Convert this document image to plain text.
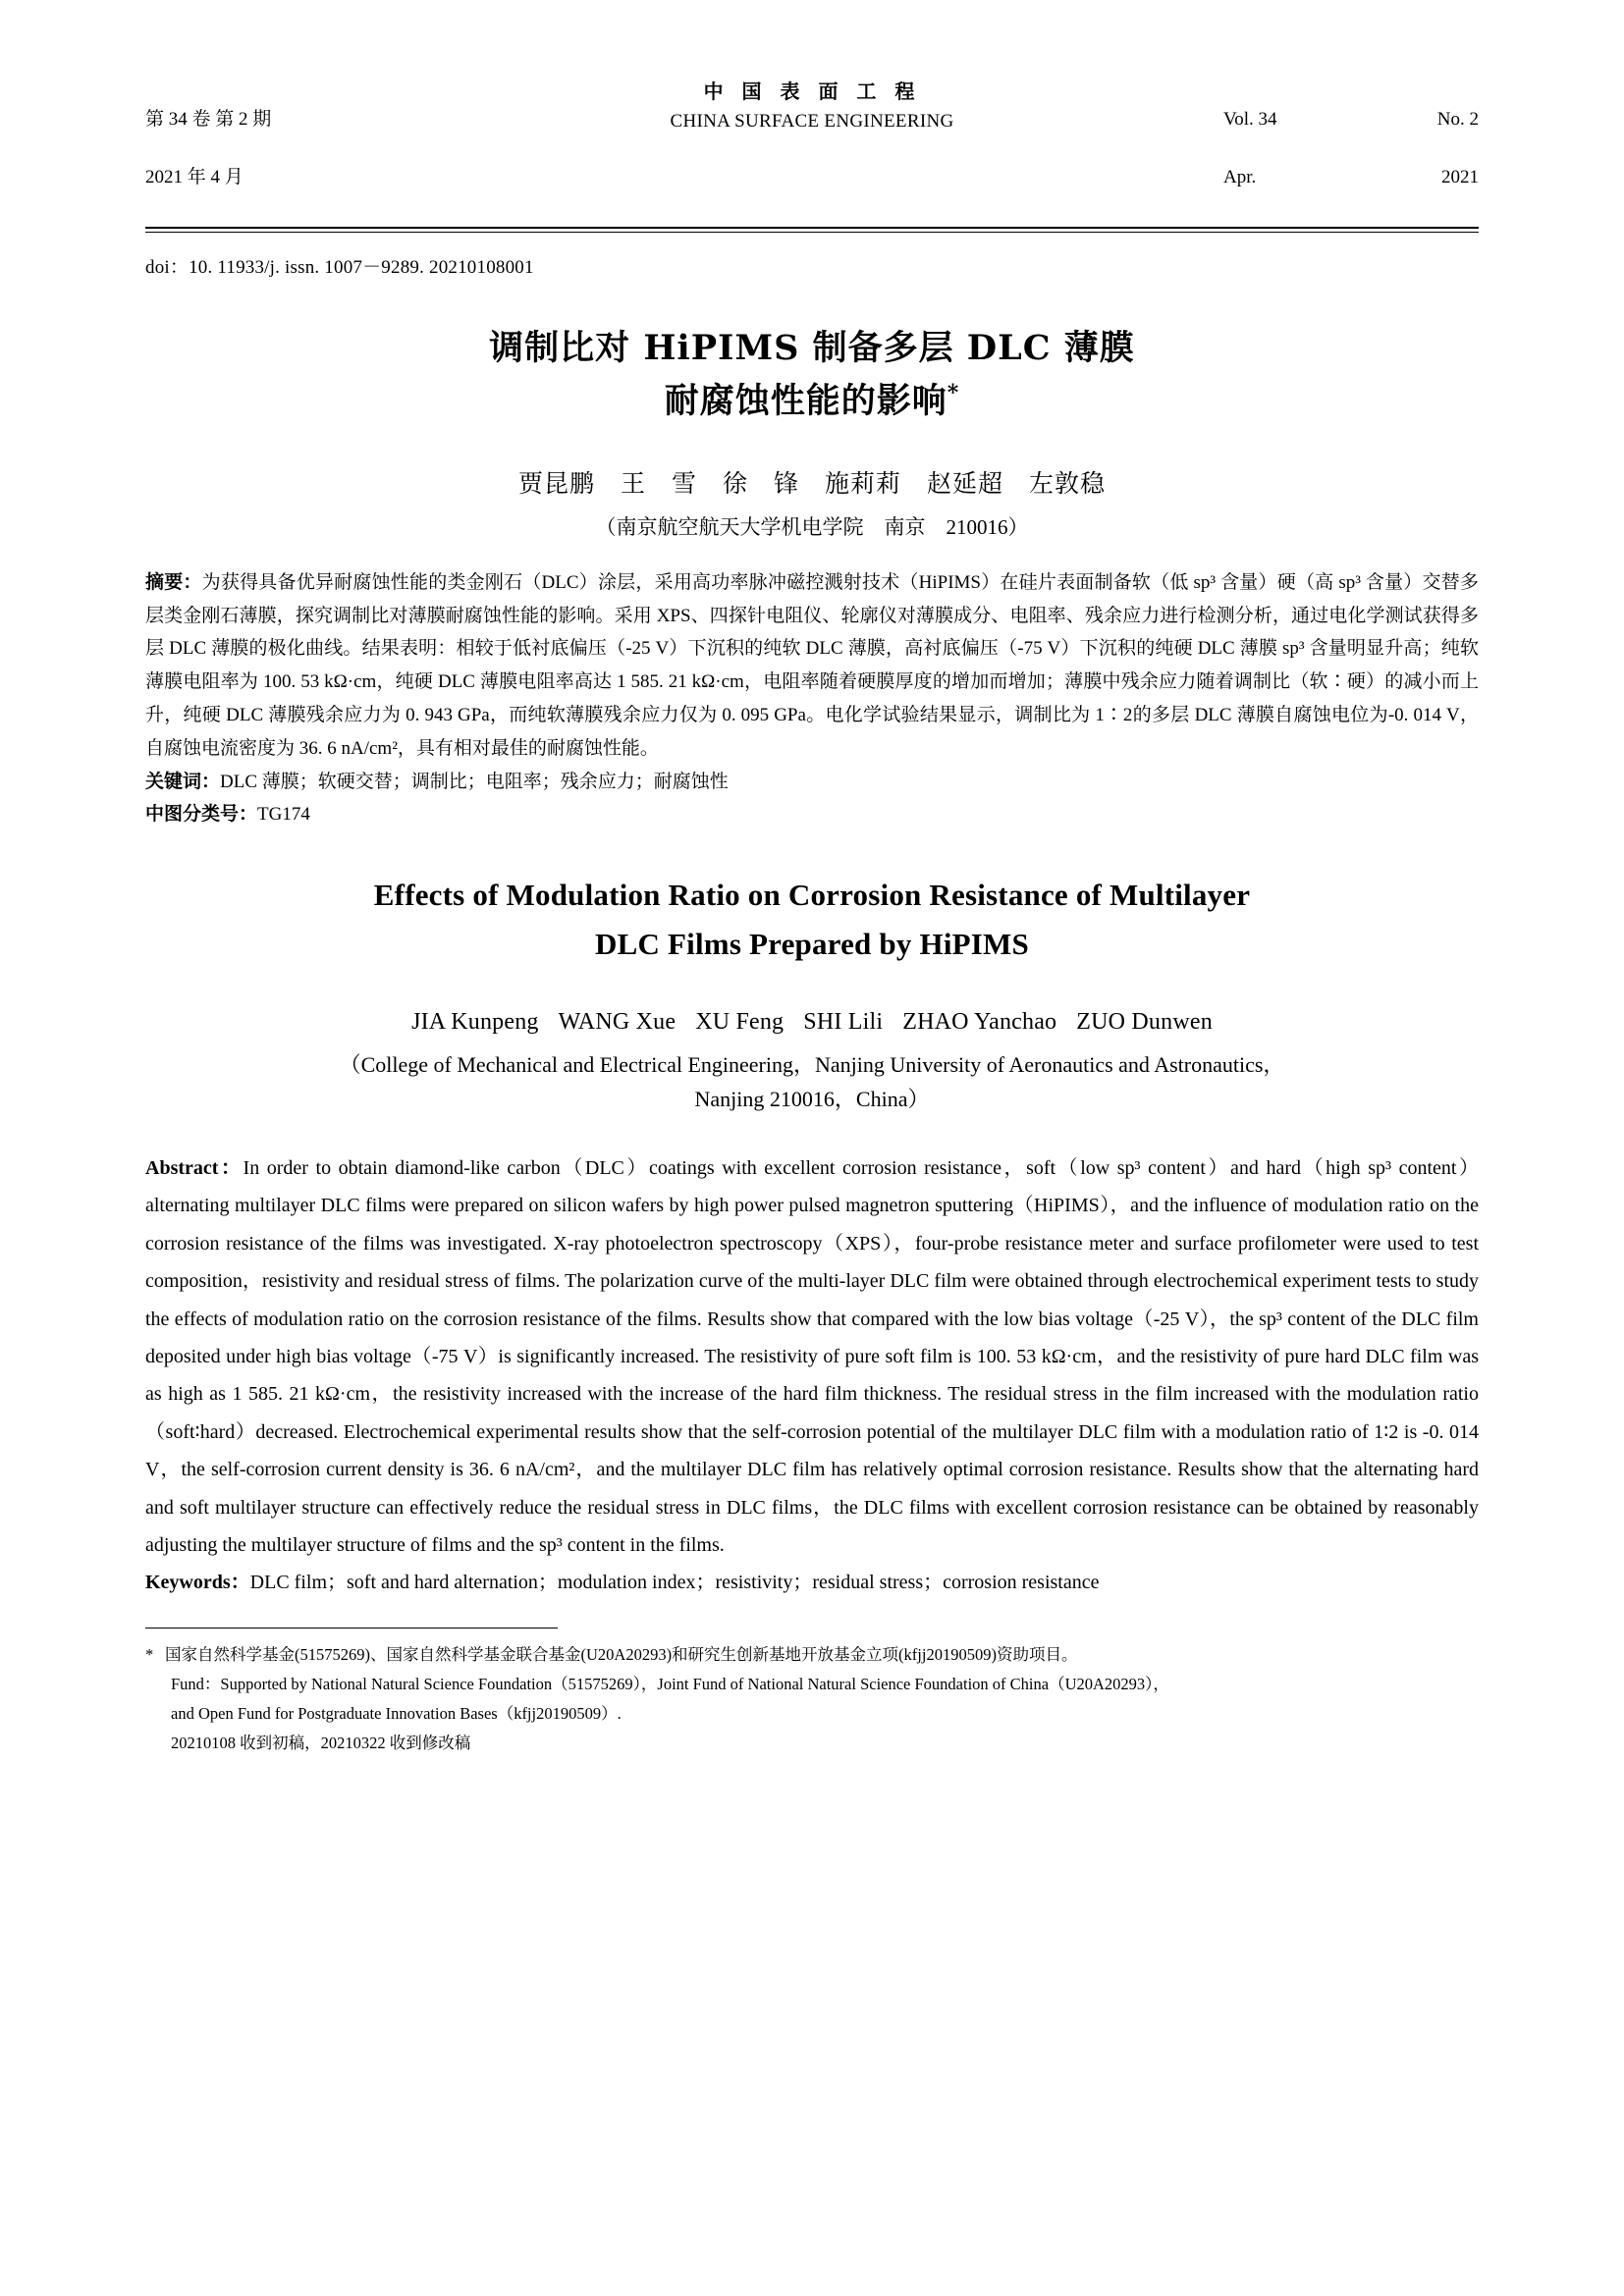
第 34 卷 第 2 期

2021 年 4 月

中 国 表 面 工 程
CHINA SURFACE ENGINEERING	Vol. 34	No. 2

Apr.	2021

doi：10. 11933/j. issn. 1007－9289. 20210108001
调制比对 HiPIMS 制备多层 DLC 薄膜
耐腐蚀性能的影响*
贾昆鹏 王　雪 徐　锋 施莉莉 赵延超 左敦稳
（南京航空航天大学机电学院　南京　210016）
摘要：为获得具备优异耐腐蚀性能的类金刚石（DLC）涂层，采用高功率脉冲磁控溅射技术（HiPIMS）在硅片表面制备软（低 sp³ 含量）硬（高 sp³ 含量）交替多层类金刚石薄膜，探究调制比对薄膜耐腐蚀性能的影响。采用 XPS、四探针电阻仪、轮廓仪对薄膜成分、电阻率、残余应力进行检测分析，通过电化学测试获得多层 DLC 薄膜的极化曲线。结果表明：相较于低衬底偏压（-25 V）下沉积的纯软 DLC 薄膜，高衬底偏压（-75 V）下沉积的纯硬 DLC 薄膜 sp³ 含量明显升高；纯软薄膜电阻率为 100. 53 kΩ·cm，纯硬 DLC 薄膜电阻率高达 1 585. 21 kΩ·cm，电阻率随着硬膜厚度的增加而增加；薄膜中残余应力随着调制比（软∶硬）的减小而上升，纯硬 DLC 薄膜残余应力为 0. 943 GPa，而纯软薄膜残余应力仅为 0. 095 GPa。电化学试验结果显示，调制比为 1∶2的多层 DLC 薄膜自腐蚀电位为-0. 014 V，自腐蚀电流密度为 36. 6 nA/cm²，具有相对最佳的耐腐蚀性能。
关键词：DLC 薄膜；软硬交替；调制比；电阻率；残余应力；耐腐蚀性
中图分类号：TG174
Effects of Modulation Ratio on Corrosion Resistance of Multilayer
DLC Films Prepared by HiPIMS
JIA Kunpeng WANG Xue XU Feng SHI Lili ZHAO Yanchao ZUO Dunwen
（College of Mechanical and Electrical Engineering，Nanjing University of Aeronautics and Astronautics，
Nanjing 210016，China）
Abstract：In order to obtain diamond-like carbon（DLC）coatings with excellent corrosion resistance，soft（low sp³ content）and hard（high sp³ content）alternating multilayer DLC films were prepared on silicon wafers by high power pulsed magnetron sputtering（HiPIMS），and the influence of modulation ratio on the corrosion resistance of the films was investigated. X-ray photoelectron spectroscopy（XPS），four-probe resistance meter and surface profilometer were used to test composition，resistivity and residual stress of films. The polarization curve of the multi-layer DLC film were obtained through electrochemical experiment tests to study the effects of modulation ratio on the corrosion resistance of the films. Results show that compared with the low bias voltage（-25 V），the sp³ content of the DLC film deposited under high bias voltage（-75 V）is significantly increased. The resistivity of pure soft film is 100. 53 kΩ·cm，and the resistivity of pure hard DLC film was as high as 1 585. 21 kΩ·cm，the resistivity increased with the increase of the hard film thickness. The residual stress in the film increased with the modulation ratio（soft∶hard）decreased. Electrochemical experimental results show that the self-corrosion potential of the multilayer DLC film with a modulation ratio of 1∶2 is -0. 014 V，the self-corrosion current density is 36. 6 nA/cm²，and the multilayer DLC film has relatively optimal corrosion resistance. Results show that the alternating hard and soft multilayer structure can effectively reduce the residual stress in DLC films，the DLC films with excellent corrosion resistance can be obtained by reasonably adjusting the multilayer structure of films and the sp³ content in the films.
Keywords：DLC film；soft and hard alternation；modulation index；resistivity；residual stress；corrosion resistance
* 国家自然科学基金(51575269)、国家自然科学基金联合基金(U20A20293)和研究生创新基地开放基金立项(kfjj20190509)资助项目。
Fund：Supported by National Natural Science Foundation（51575269），Joint Fund of National Natural Science Foundation of China（U20A20293），
and Open Fund for Postgraduate Innovation Bases（kfjj20190509）.
20210108 收到初稿，20210322 收到修改稿
